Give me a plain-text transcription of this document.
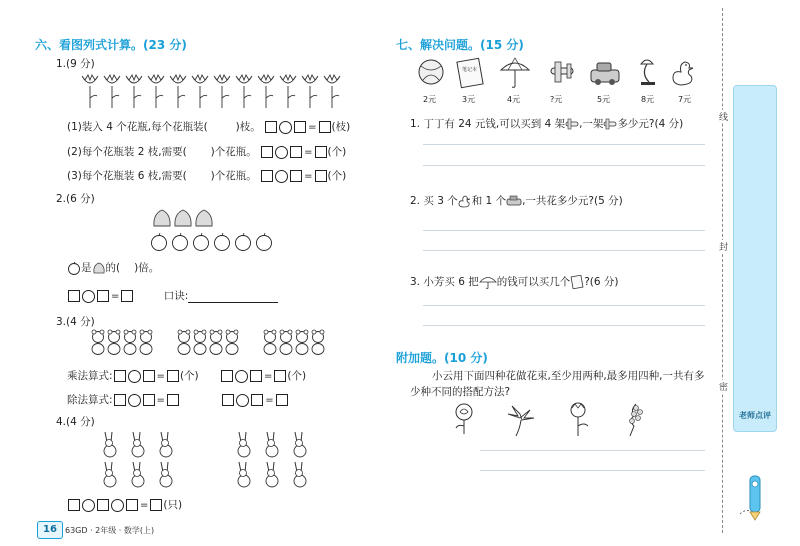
六、看图列式计算。(23 分)
1.(9 分)
(1)装入 4 个花瓶,每个花瓶装(	)枝。	= (枝)
(2)每个花瓶装 2 枝,需要( )个花瓶。	= (个)
(3)每个花瓶装 6 枝,需要( )个花瓶。	= (个)
2.(6 分)
是 的( )倍。
=	口诀:
3.(4 分)
乘法算式:	= (个)	= (个)
除法算式:	=	=
4.(4 分)
= (只)
16	63GD · 2年级 · 数学(上)
七、解决问题。(15 分)
笔记本
2元	3元	4元	?元	5元	8元	7元
1. 丁丁有 24 元钱,可以买到 4 架 ,一架 多少元?(4 分)
2. 买 3 个 和 1 个 ,一共花多少元?(5 分)
3. 小芳买 6 把 的钱可以买几个 ?(6 分)
附加题。(10 分)
小云用下面四种花做花束,至少用两种,最多用四种,一共有多
少种不同的搭配方法?
线
封
密
老师点评
